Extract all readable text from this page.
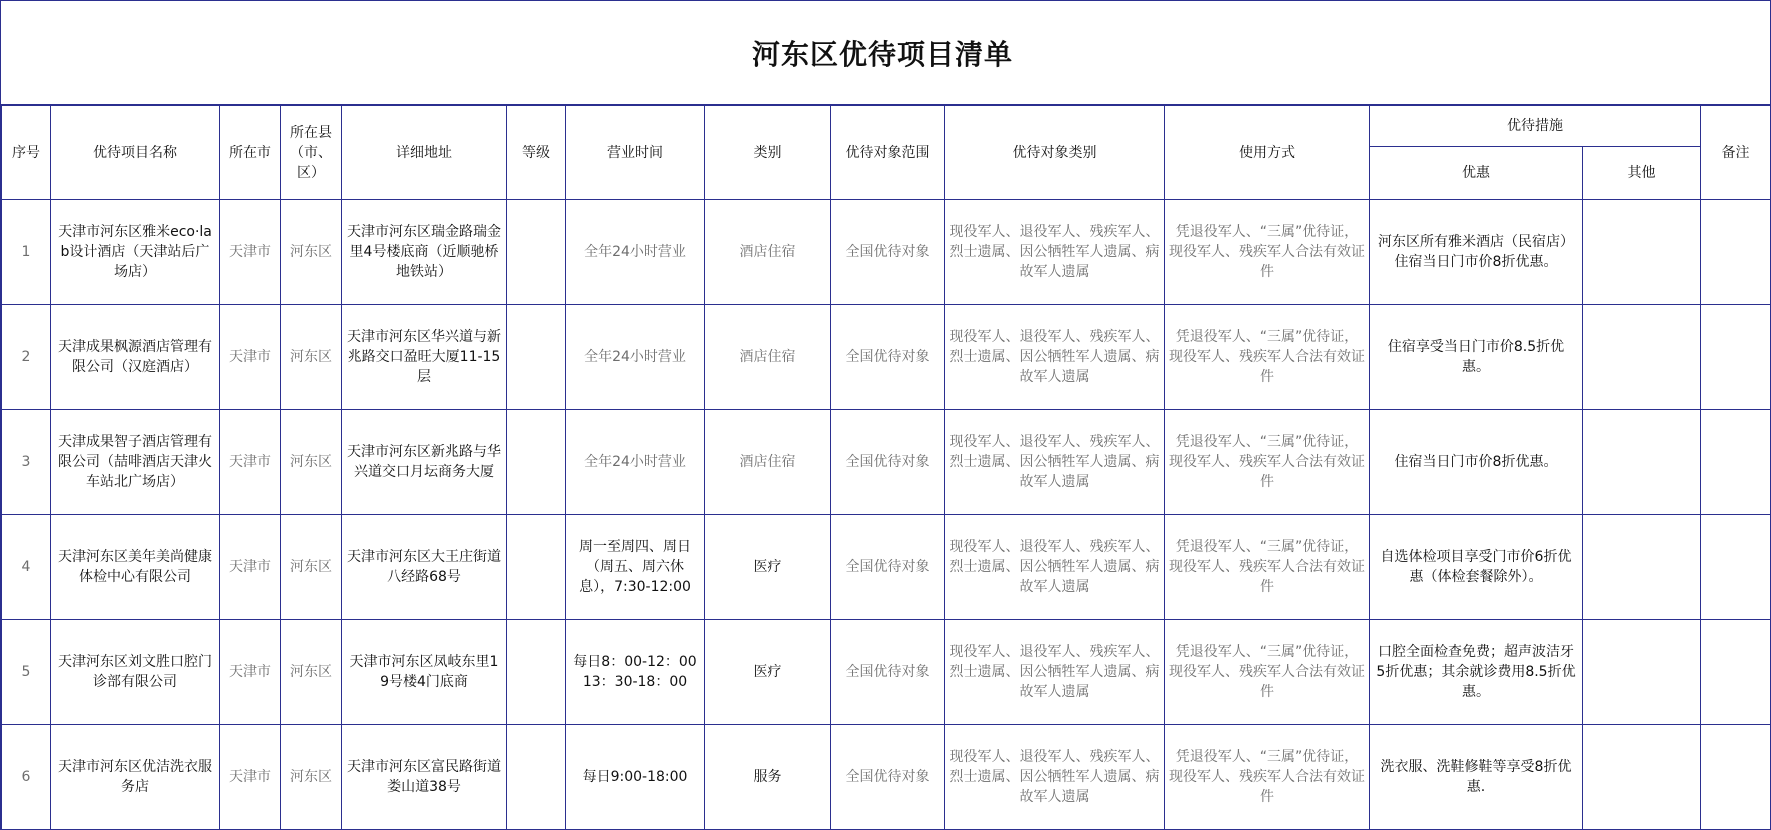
河东区优待项目清单
序号	优待项目名称	所在市	所在县（市、区）	详细地址	等级	营业时间	类别	优待对象范围	优待对象类别	使用方式	优待措施		备注
											优惠	其他	
1	天津市河东区雅米eco·lab设计酒店（天津站后广场店）	天津市	河东区	天津市河东区瑞金路瑞金里4号楼底商（近顺驰桥地铁站）		全年24小时营业	酒店住宿	全国优待对象	现役军人、退役军人、残疾军人、烈士遗属、因公牺牲军人遗属、病故军人遗属	凭退役军人、“三属”优待证，现役军人、残疾军人合法有效证件	河东区所有雅米酒店（民宿店）住宿当日门市价8折优惠。		
2	天津成果枫源酒店管理有限公司（汉庭酒店）	天津市	河东区	天津市河东区华兴道与新兆路交口盈旺大厦11-15层		全年24小时营业	酒店住宿	全国优待对象	现役军人、退役军人、残疾军人、烈士遗属、因公牺牲军人遗属、病故军人遗属	凭退役军人、“三属”优待证，现役军人、残疾军人合法有效证件	住宿享受当日门市价8.5折优惠。		
3	天津成果智子酒店管理有限公司（喆啡酒店天津火车站北广场店）	天津市	河东区	天津市河东区新兆路与华兴道交口月坛商务大厦		全年24小时营业	酒店住宿	全国优待对象	现役军人、退役军人、残疾军人、烈士遗属、因公牺牲军人遗属、病故军人遗属	凭退役军人、“三属”优待证，现役军人、残疾军人合法有效证件	住宿当日门市价8折优惠。		
4	天津河东区美年美尚健康体检中心有限公司	天津市	河东区	天津市河东区大王庄街道八经路68号		周一至周四、周日（周五、周六休息），7:30-12:00	医疗	全国优待对象	现役军人、退役军人、残疾军人、烈士遗属、因公牺牲军人遗属、病故军人遗属	凭退役军人、“三属”优待证，现役军人、残疾军人合法有效证件	自选体检项目享受门市价6折优惠（体检套餐除外）。		
5	天津河东区刘文胜口腔门诊部有限公司	天津市	河东区	天津市河东区凤岐东里19号楼4门底商		每日8：00-12：00 13：30-18：00	医疗	全国优待对象	现役军人、退役军人、残疾军人、烈士遗属、因公牺牲军人遗属、病故军人遗属	凭退役军人、“三属”优待证，现役军人、残疾军人合法有效证件	口腔全面检查免费；超声波洁牙5折优惠；其余就诊费用8.5折优惠。		
6	天津市河东区优洁洗衣服务店	天津市	河东区	天津市河东区富民路街道娄山道38号		每日9:00-18:00	服务	全国优待对象	现役军人、退役军人、残疾军人、烈士遗属、因公牺牲军人遗属、病故军人遗属	凭退役军人、“三属”优待证，现役军人、残疾军人合法有效证件	洗衣服、洗鞋修鞋等享受8折优惠.		
